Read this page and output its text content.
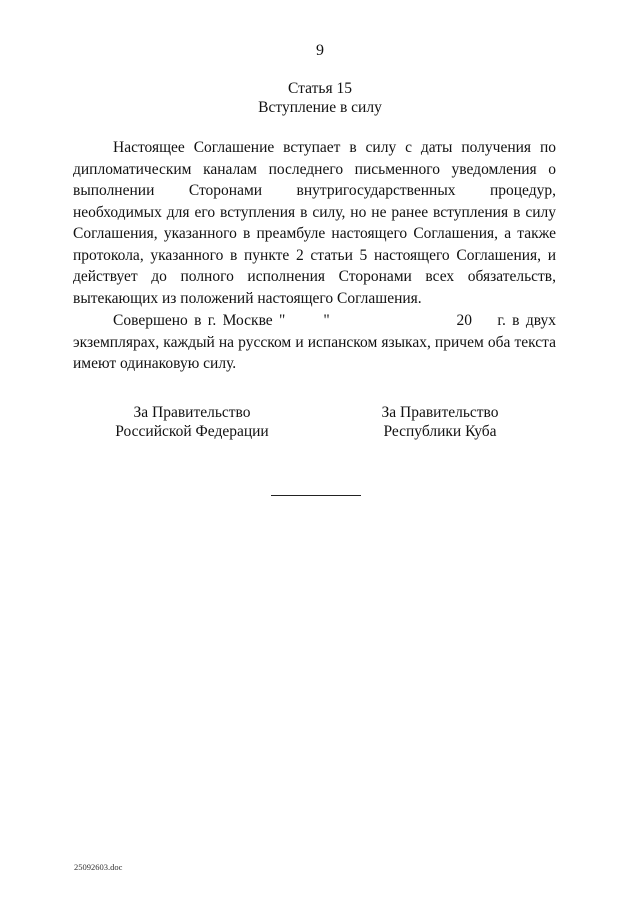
9
Статья 15
Вступление в силу

Настоящее Соглашение вступает в силу с даты получения по дипломатическим каналам последнего письменного уведомления о выполнении Сторонами внутригосударственных процедур, необходимых для его вступления в силу, но не ранее вступления в силу Соглашения, указанного в преамбуле настоящего Соглашения, а также протокола, указанного в пункте 2 статьи 5 настоящего Соглашения, и действует до полного исполнения Сторонами всех обязательств, вытекающих из положений настоящего Соглашения.

Совершено в г. Москве "      "                    20    г. в двух экземплярах, каждый на русском и испанском языках, причем оба текста имеют одинаковую силу.

За Правительство
Российской Федерации
За Правительство
Республики Куба
25092603.doc
